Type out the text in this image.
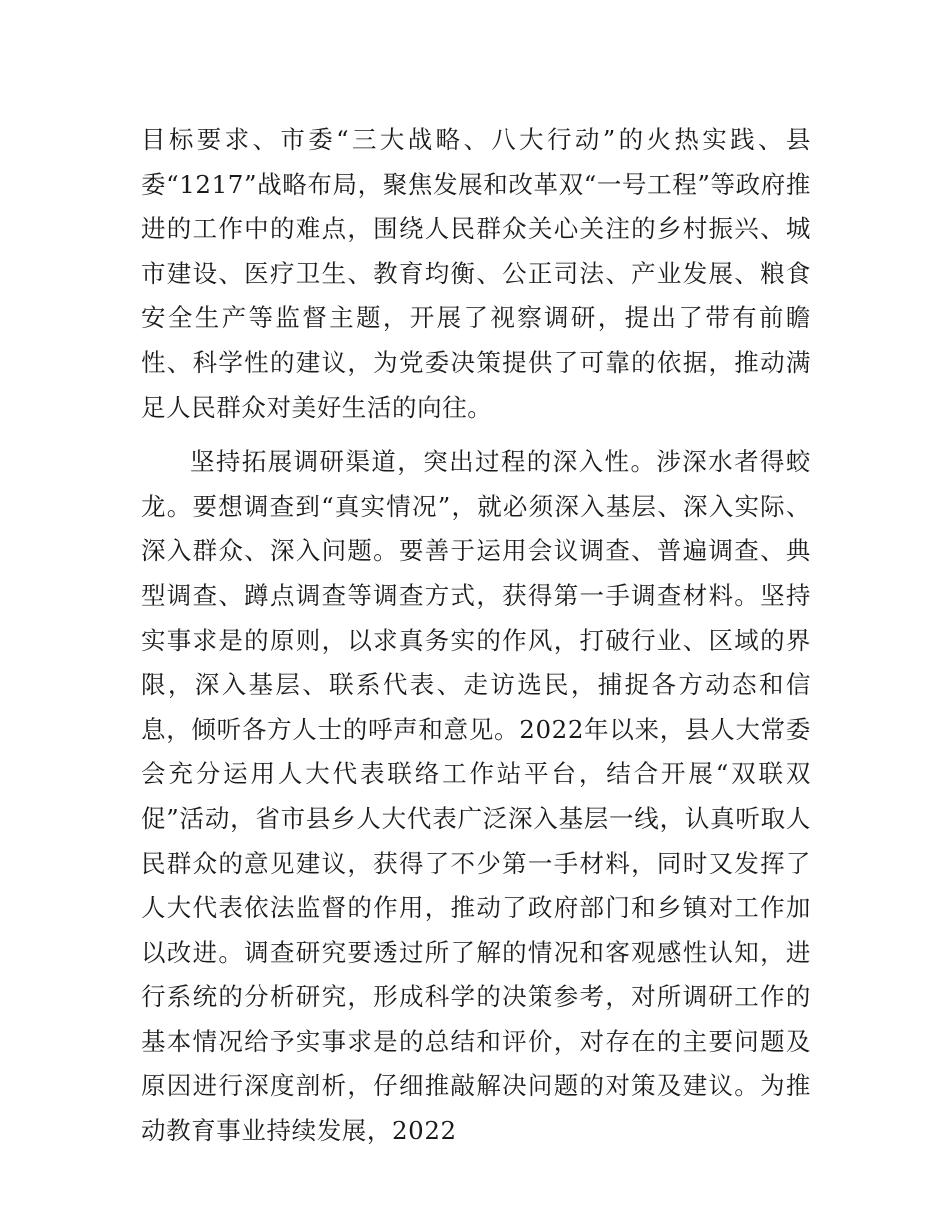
目标要求、市委“三大战略、八大行动”的火热实践、县委“1217”战略布局，聚焦发展和改革双“一号工程”等政府推进的工作中的难点，围绕人民群众关心关注的乡村振兴、城市建设、医疗卫生、教育均衡、公正司法、产业发展、粮食安全生产等监督主题，开展了视察调研，提出了带有前瞻性、科学性的建议，为党委决策提供了可靠的依据，推动满足人民群众对美好生活的向往。

坚持拓展调研渠道，突出过程的深入性。涉深水者得蛟龙。要想调查到“真实情况”，就必须深入基层、深入实际、深入群众、深入问题。要善于运用会议调查、普遍调查、典型调查、蹲点调查等调查方式，获得第一手调查材料。坚持实事求是的原则，以求真务实的作风，打破行业、区域的界限，深入基层、联系代表、走访选民，捕捉各方动态和信息，倾听各方人士的呼声和意见。2022年以来，县人大常委会充分运用人大代表联络工作站平台，结合开展“双联双促”活动，省市县乡人大代表广泛深入基层一线，认真听取人民群众的意见建议，获得了不少第一手材料，同时又发挥了人大代表依法监督的作用，推动了政府部门和乡镇对工作加以改进。调查研究要透过所了解的情况和客观感性认知，进行系统的分析研究，形成科学的决策参考，对所调研工作的基本情况给予实事求是的总结和评价，对存在的主要问题及原因进行深度剖析，仔细推敲解决问题的对策及建议。为推动教育事业持续发展，2022
